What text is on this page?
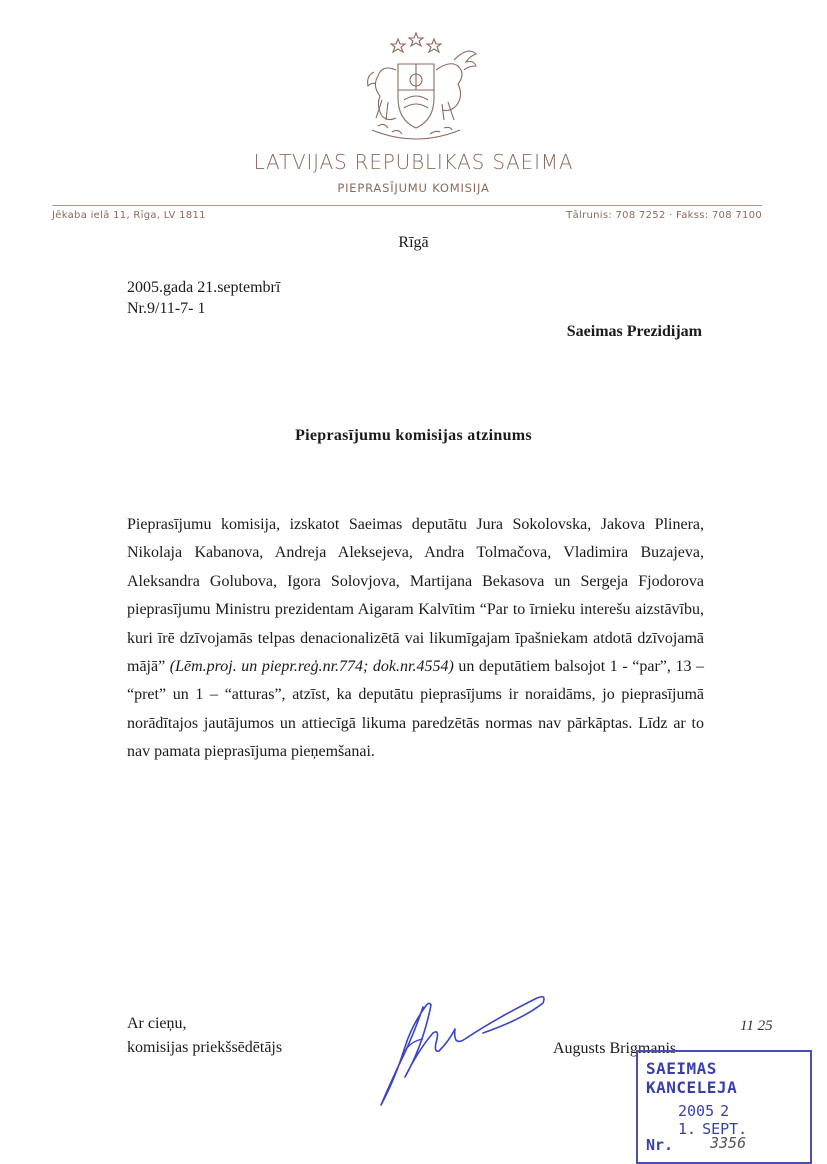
LATVIJAS REPUBLIKAS SAEIMA
PIEPRASĪJUMU KOMISIJA
Jēkaba ielā 11, Rīga, LV 1811	Tālrunis: 708 7252 · Fakss: 708 7100
Rīgā
2005.gada 21.septembrī
Nr.9/11-7- 1
Saeimas Prezidijam
Pieprasījumu komisijas atzinums
Pieprasījumu komisija, izskatot Saeimas deputātu Jura Sokolovska, Jakova Plinera, Nikolaja Kabanova, Andreja Aleksejeva, Andra Tolmačova, Vladimira Buzajeva, Aleksandra Golubova, Igora Solovjova, Martijana Bekasova un Sergeja Fjodorova pieprasījumu Ministru prezidentam Aigaram Kalvītim “Par to īrnieku interešu aizstāvību, kuri īrē dzīvojamās telpas denacionalizētā vai likumīgajam īpašniekam atdotā dzīvojamā mājā” (Lēm.proj. un piepr.reģ.nr.774; dok.nr.4554) un deputātiem balsojot 1 - “par”, 13 – “pret” un 1 – “atturas”, atzīst, ka deputātu pieprasījums ir noraidāms, jo pieprasījumā norādītajos jautājumos un attiecīgā likuma paredzētās normas nav pārkāptas. Līdz ar to nav pamata pieprasījuma pieņemšanai.
Ar cieņu,
komisijas priekšsēdētājs	Augusts Brigmanis
11 25
SAEIMAS KANCELEJA
2005 2 1. SEPT.
Nr. 3356
